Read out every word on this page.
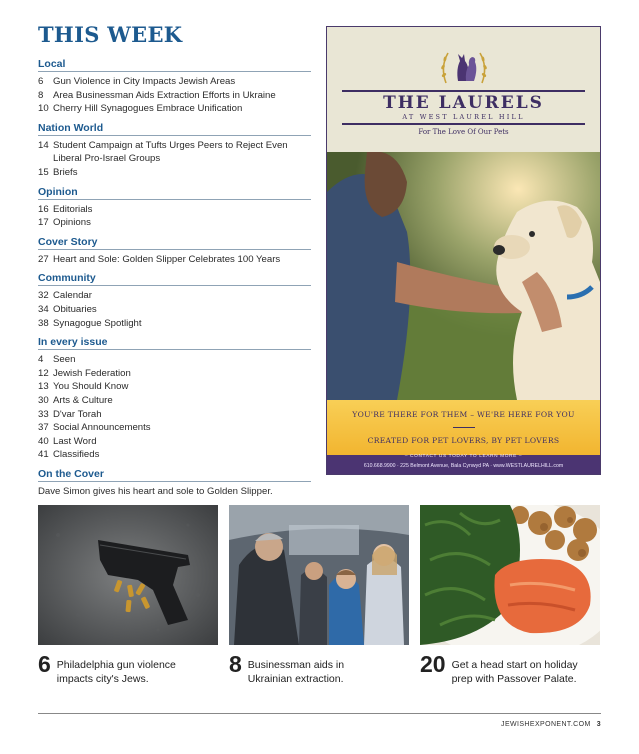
THIS WEEK
Local
6	Gun Violence in City Impacts Jewish Areas
8	Area Businessman Aids Extraction Efforts in Ukraine
10 Cherry Hill Synagogues Embrace Unification
Nation World
14 Student Campaign at Tufts Urges Peers to Reject Even Liberal Pro-Israel Groups
15 Briefs
Opinion
16 Editorials
17 Opinions
Cover Story
27 Heart and Sole: Golden Slipper Celebrates 100 Years
Community
32 Calendar
34 Obituaries
38 Synagogue Spotlight
In every issue
4	Seen
12 Jewish Federation
13 You Should Know
30 Arts & Culture
33 D'var Torah
37 Social Announcements
40 Last Word
41 Classifieds
On the Cover
Dave Simon gives his heart and sole to Golden Slipper.
THE LAURELS
AT WEST LAUREL HILL
For The Love Of Our Pets
YOU'RE THERE FOR THEM – WE'RE HERE FOR YOU
CREATED FOR PET LOVERS, BY PET LOVERS
– CONTACT US TODAY TO LEARN MORE –
610.668.9900 · 225 Belmont Avenue, Bala Cynwyd PA · www.WESTLAURELHILL.com
6 Philadelphia gun violence
impacts city's Jews.
8 Businessman aids in
Ukrainian extraction.
20 Get a head start on holiday
prep with Passover Palate.
JEWISHEXPONENT.COM 3
